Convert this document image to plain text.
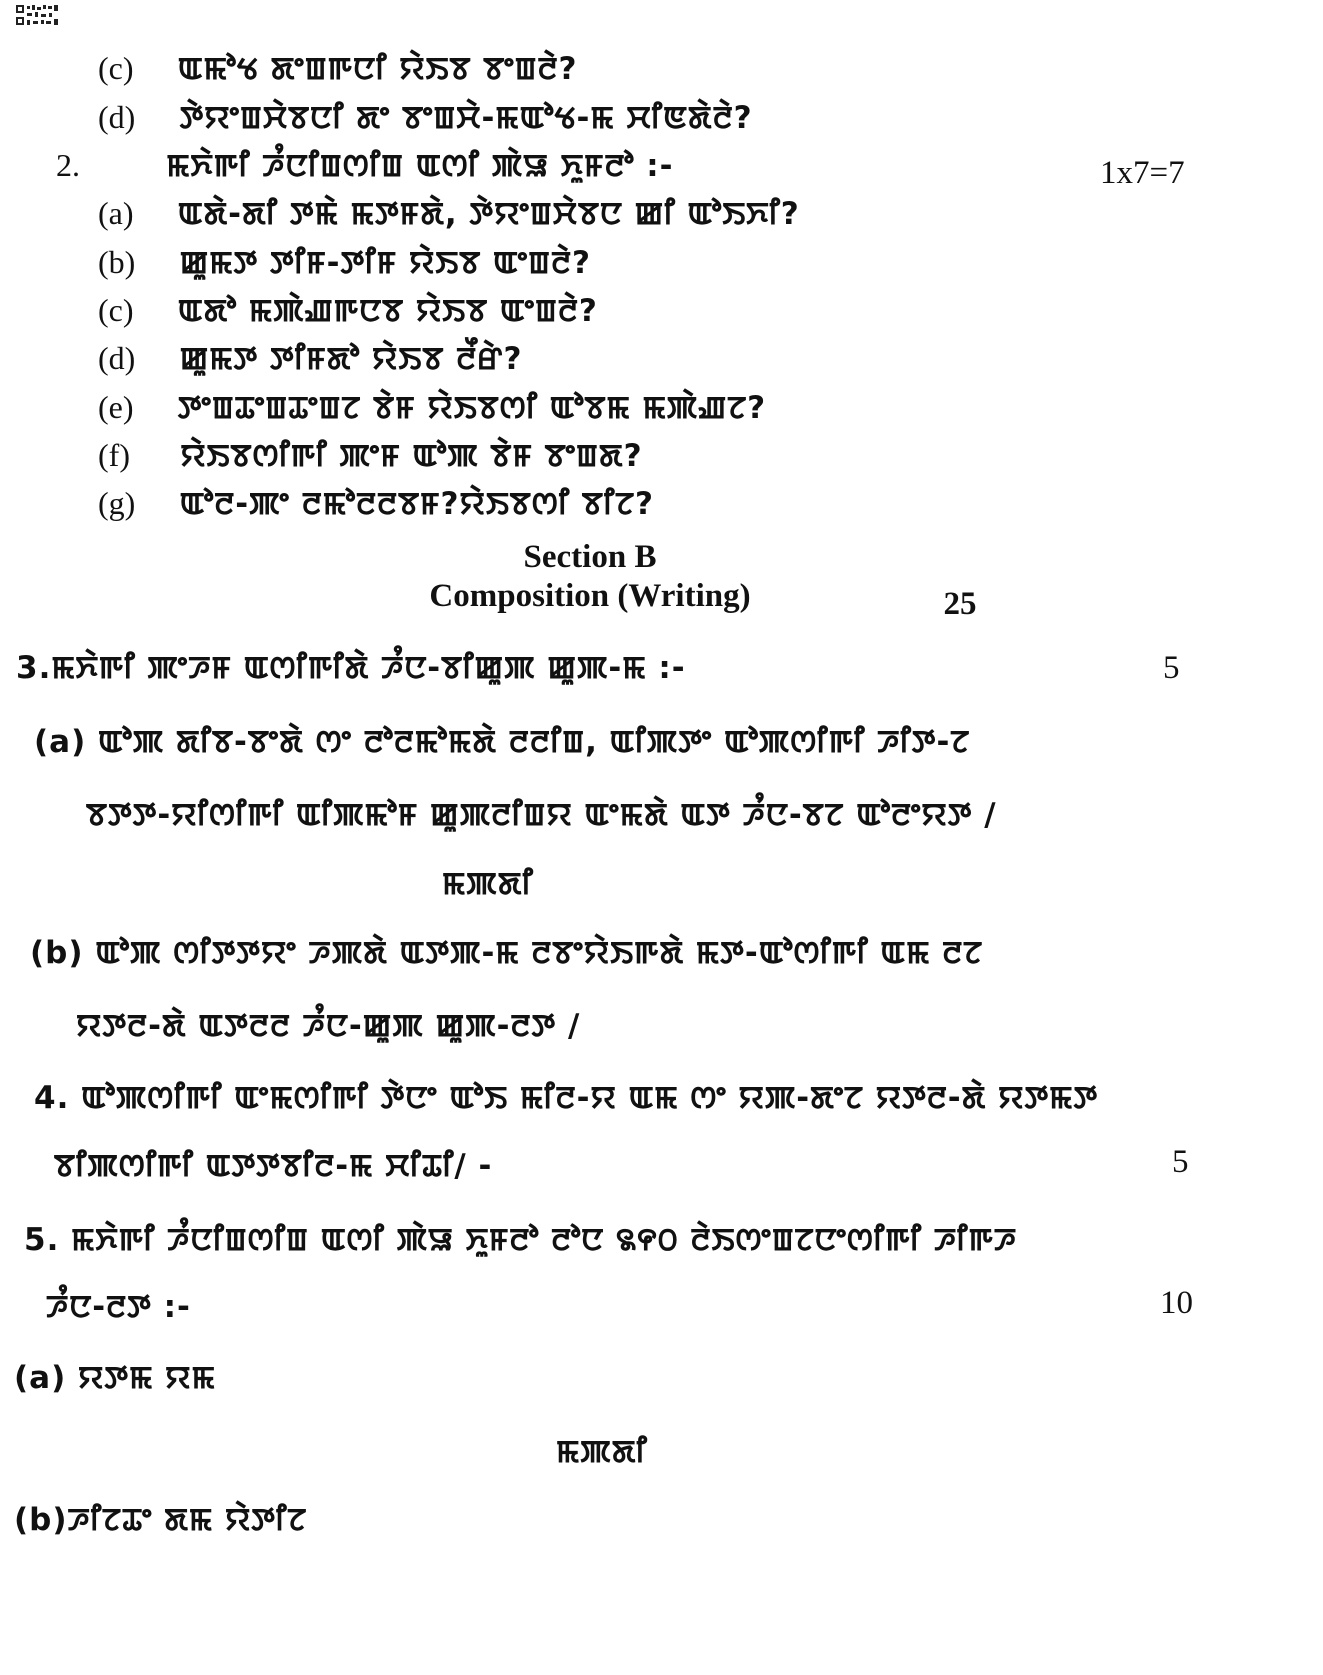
(c) ꯑꯃꯣꯠ ꯗꯦꯡꯒꯅꯤ ꯌꯥꯏꯕ ꯕꯦꯡꯂꯥ?
(d) ꯇꯥꯌꯦꯡꯆꯥꯕꯅꯤ ꯗꯦ ꯕꯦꯡꯆꯥ-ꯃꯑꯣꯠ-ꯃ ꯆꯤꯟꯗꯥꯂꯥ?
2.	ꯃꯈꯥꯒꯤ ꯍꯪꯅꯤꯡꯁꯤꯡ ꯑꯁꯤ ꯄꯥꯎ ꯈꯨꯝꯂꯣ :-	1x7=7
(a) ꯑꯗꯥ-ꯗꯤ ꯇꯃꯥ ꯃꯇꯝꯗꯥ, ꯇꯥꯌꯦꯡꯆꯥꯕꯅ ꯀꯤ ꯑꯣꯏꯈꯤ?
(b) ꯀꯨꯃꯇ ꯇꯤꯝ-ꯇꯤꯝ ꯌꯥꯏꯕ ꯑꯦꯡꯂꯥ?
(c) ꯑꯗꯣ ꯃꯄꯥꯉꯒꯅꯕ ꯌꯥꯏꯕ ꯑꯦꯡꯂꯥ?
(d) ꯀꯨꯃꯇ ꯇꯤꯝꯗꯣ ꯌꯥꯏꯕ ꯂꯩꯔꯥ?
(e) ꯇꯦꯡꯊꯦꯡꯊꯦꯡꯖ ꯕꯥꯝ ꯌꯥꯏꯕꯁꯤ ꯑꯣꯕꯃ ꯃꯄꯥꯉꯖ?
(f) ꯌꯥꯏꯕꯁꯤꯒꯤ ꯄꯦꯝ ꯑꯣꯄ ꯕꯥꯝ ꯕꯦꯡꯗ?
(g) ꯑꯣꯂ-ꯄꯦ ꯂꯃꯣꯂꯂꯕꯝ?ꯌꯥꯏꯕꯁꯤ ꯕꯤꯖ?
Section B
Composition (Writing)	25
3.ꯃꯈꯥꯒꯤ ꯄꯦꯍꯝ ꯑꯁꯤꯒꯤꯗꯥ ꯍꯪꯅ-ꯕꯤꯀꯨꯄ ꯀꯨꯄ-ꯃ :-	5
(a) ꯑꯣꯄ ꯗꯤꯕ-ꯕꯦꯗꯥ ꯁꯦ ꯂꯣꯂꯃꯣꯃꯗꯥ ꯂꯂꯤꯡ, ꯑꯤꯄꯇꯦ ꯑꯣꯄꯁꯤꯒꯤ ꯍꯤꯇ-ꯖ
ꯕꯇꯇ-ꯌꯤꯁꯤꯒꯤ ꯑꯤꯄꯃꯣꯝ ꯀꯨꯄꯂꯤꯡꯌ ꯑꯦꯃꯗꯥ ꯑꯇ ꯍꯪꯅ-ꯕꯖ ꯑꯣꯂꯦꯌꯇ /
ꯃꯄꯗꯤ
(b) ꯑꯣꯄ ꯁꯤꯇꯇꯌꯦ ꯍꯄꯗꯥ ꯑꯇꯄ-ꯃ ꯂꯕꯦꯌꯥꯏꯒꯗꯥ ꯃꯇ-ꯑꯣꯁꯤꯒꯤ ꯑꯃ ꯂꯖ
ꯌꯇꯂ-ꯗꯥ ꯑꯇꯂꯂ ꯍꯪꯅ-ꯀꯨꯄ ꯀꯨꯄ-ꯂꯇ /
4. ꯑꯣꯄꯁꯤꯒꯤ ꯑꯦꯃꯁꯤꯒꯤ ꯇꯥꯅꯦ ꯑꯣꯏ ꯃꯤꯂ-ꯌ ꯑꯃ ꯁꯦ ꯌꯄ-ꯗꯦꯖ ꯌꯇꯂ-ꯗꯥ ꯌꯇꯃꯇ
ꯕꯤꯄꯁꯤꯒꯤ ꯑꯇꯇꯕꯤꯂ-ꯃ ꯆꯤꯊꯤ/ -	5
5. ꯃꯈꯥꯒꯤ ꯍꯪꯅꯤꯡꯁꯤꯡ ꯑꯁꯤ ꯄꯥꯎ ꯈꯨꯝꯂꯣ ꯂꯣꯅ ꯲꯵꯰ ꯂꯥꯏꯁꯦꯡꯖꯅꯦꯁꯤꯒꯤ ꯍꯤꯒꯍ
ꯍꯪꯅ-ꯂꯇ :-	10
(a) ꯌꯇꯃ ꯌꯃ
ꯃꯄꯗꯤ
(b)ꯍꯤꯖꯊꯦ ꯗꯃ ꯌꯥꯇꯤꯖ
